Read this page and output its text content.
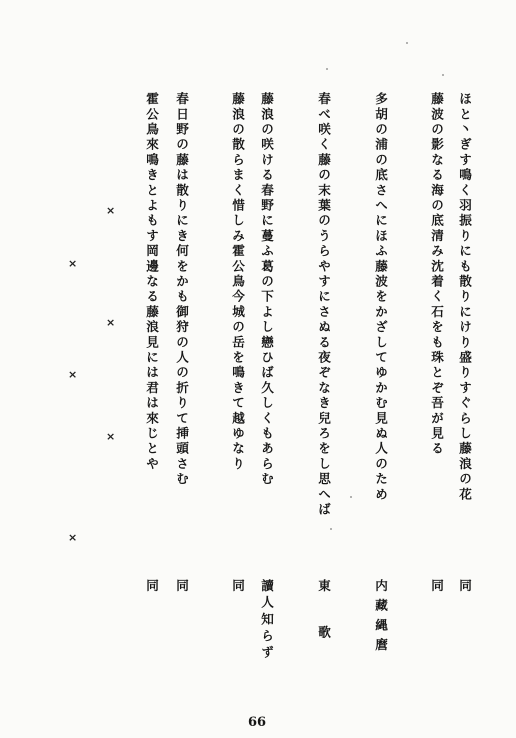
ほと丶ぎす鳴く羽振りにも散りにけり盛りすぐらし藤浪の花
同
藤波の影なる海の底清み沈着く石をも珠とぞ吾が見る
同
多胡の浦の底さへにほふ藤波をかざしてゆかむ見ぬ人のため
内藏縄麿
春べ咲く藤の末葉のうらやすにさぬる夜ぞなき兒ろをし思へば
東歌
藤浪の咲ける春野に蔓ふ葛の下よし戀ひば久しくもあらむ
讀人知らず
藤浪の散らまく惜しみ霍公鳥今城の岳を鳴きて越ゆなり
同
春日野の藤は散りにき何をかも御狩の人の折りて挿頭さむ
同
霍公鳥來鳴きとよもす岡邊なる藤浪見には君は來じとや
同
×
×
×
×
×
×
66
